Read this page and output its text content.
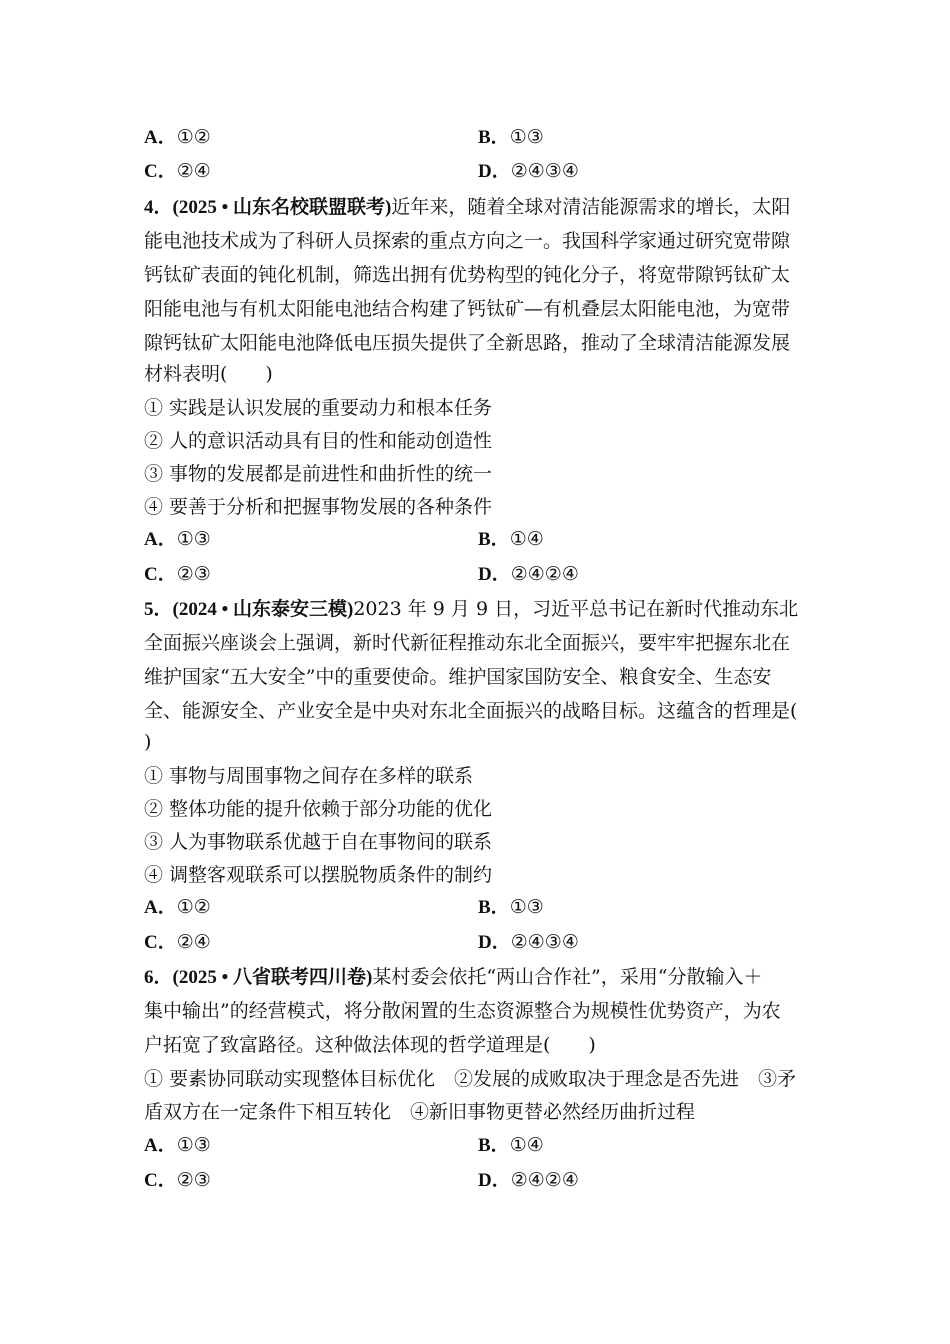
A．①②	B．①③
C．②④	D．②④③④
4．(2025 • 山东名校联盟联考)近年来，随着全球对清洁能源需求的增长，太阳
能电池技术成为了科研人员探索的重点方向之一。我国科学家通过研究宽带隙
钙钛矿表面的钝化机制，筛选出拥有优势构型的钝化分子，将宽带隙钙钛矿太
阳能电池与有机太阳能电池结合构建了钙钛矿—有机叠层太阳能电池，为宽带
隙钙钛矿太阳能电池降低电压损失提供了全新思路，推动了全球清洁能源发展
材料表明(　　)
① 实践是认识发展的重要动力和根本任务
② 人的意识活动具有目的性和能动创造性
③ 事物的发展都是前进性和曲折性的统一
④ 要善于分析和把握事物发展的各种条件
A．①③	B．①④
C．②③	D．②④②④
5．(2024 • 山东泰安三模)2023 年 9 月 9 日，习近平总书记在新时代推动东北
全面振兴座谈会上强调，新时代新征程推动东北全面振兴，要牢牢把握东北在
维护国家“五大安全”中的重要使命。维护国家国防安全、粮食安全、生态安
全、能源安全、产业安全是中央对东北全面振兴的战略目标。这蕴含的哲理是(
)
① 事物与周围事物之间存在多样的联系
② 整体功能的提升依赖于部分功能的优化
③ 人为事物联系优越于自在事物间的联系
④ 调整客观联系可以摆脱物质条件的制约
A．①②	B．①③
C．②④	D．②④③④
6．(2025 • 八省联考四川卷)某村委会依托“两山合作社”，采用“分散输入＋
集中输出”的经营模式，将分散闲置的生态资源整合为规模性优势资产，为农
户拓宽了致富路径。这种做法体现的哲学道理是(　　)
① 要素协同联动实现整体目标优化　②发展的成败取决于理念是否先进　③矛
盾双方在一定条件下相互转化　④新旧事物更替必然经历曲折过程
A．①③	B．①④
C．②③	D．②④②④
